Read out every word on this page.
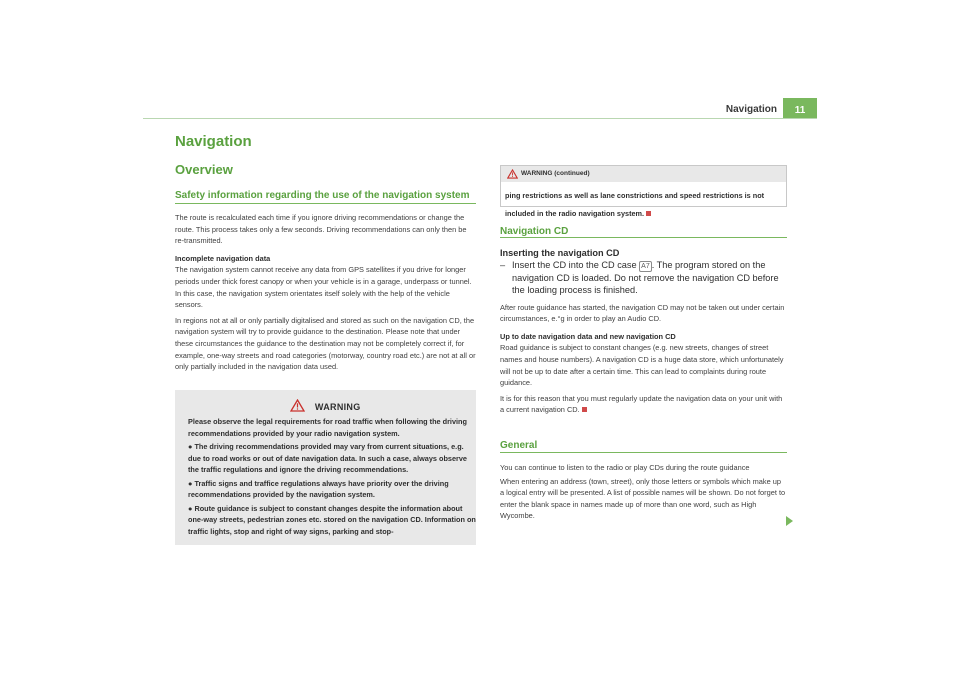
Navigation	11
Navigation
Overview
Safety information regarding the use of the navigation system

The route is recalculated each time if you ignore driving recommendations or change the route. This process takes only a few seconds. Driving recommendations can only then be re-transmitted.

Incomplete navigation data

The navigation system cannot receive any data from GPS satellites if you drive for longer periods under thick forest canopy or when your vehicle is in a garage, underpass or tunnel. In this case, the navigation system orientates itself solely with the help of the vehicle sensors.

In regions not at all or only partially digitalised and stored as such on the navigation CD, the navigation system will try to provide guidance to the destination. Please note that under these circumstances the guidance to the destination may not be completely correct if, for example, one-way streets and road categories (motorway, country road etc.) are not at all or only partially included in the navigation data used.

WARNING

Please observe the legal requirements for road traffic when following the driving recommendations provided by your radio navigation system.

● The driving recommendations provided may vary from current situations, e.g. due to road works or out of date navigation data. In such a case, always observe the traffic regulations and ignore the driving recommendations.
● Traffic signs and traffice regulations always have priority over the driving recommendations provided by the navigation system.
● Route guidance is subject to constant changes despite the information about one-way streets, pedestrian zones etc. stored on the navigation CD. Information on traffic lights, stop and right of way signs, parking and stop-
WARNING (continued)
ping restrictions as well as lane constrictions and speed restrictions is not included in the radio navigation system.
Navigation CD
Inserting the navigation CD
– Insert the CD into the CD case A7 . The program stored on the navigation CD is loaded. Do not remove the navigation CD before the loading process is finished.

After route guidance has started, the navigation CD may not be taken out under certain circumstances, e.°g in order to play an Audio CD.

Up to date navigation data and new navigation CD

Road guidance is subject to constant changes (e.g. new streets, changes of street names and house numbers). A navigation CD is a huge data store, which unfortunately will not be up to date after a certain time. This can lead to complaints during route guidance.

It is for this reason that you must regularly update the navigation data on your unit with a current navigation CD.

General

You can continue to listen to the radio or play CDs during the route guidance

When entering an address (town, street), only those letters or symbols which make up a logical entry will be presented. A list of possible names will be shown. Do not forget to enter the blank space in names made up of more than one word, such as High Wycombe.
